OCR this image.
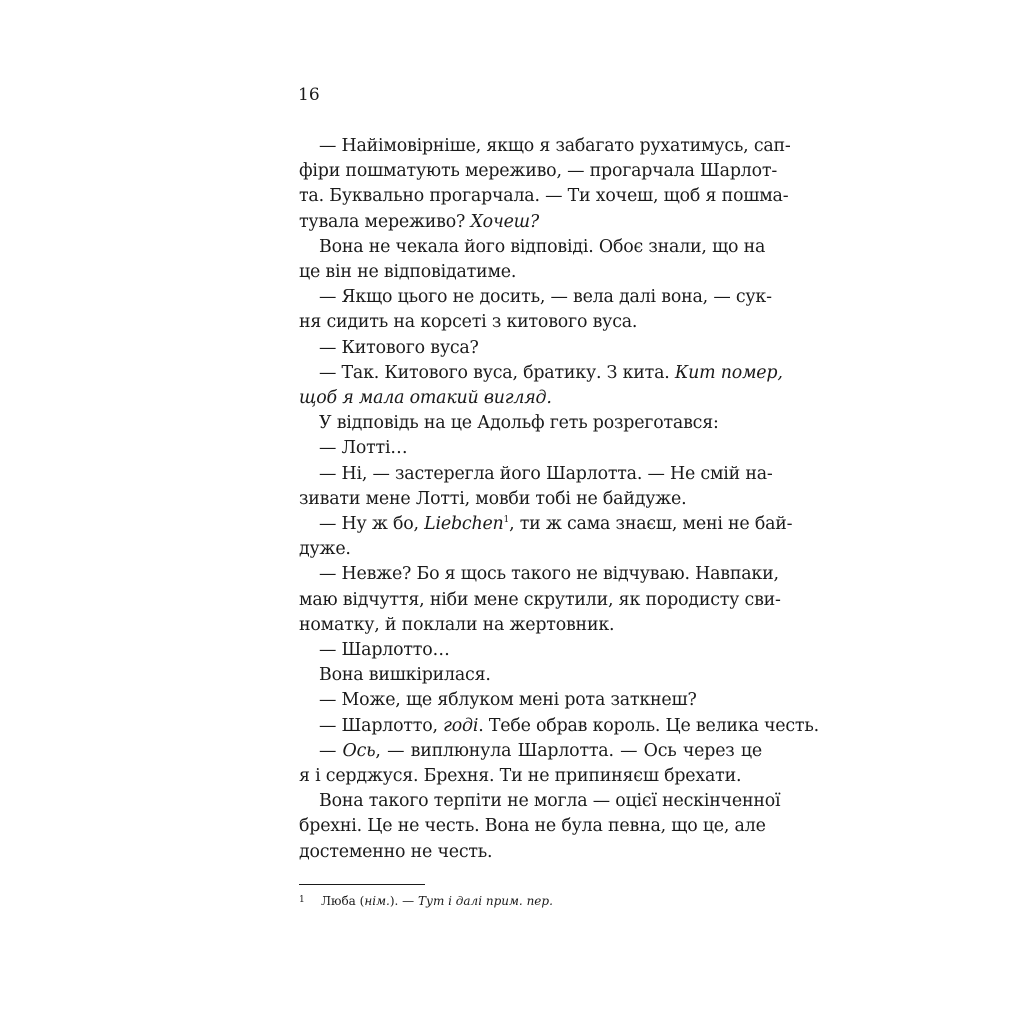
16
— Найімовірніше, якщо я забагато рухатимусь, сап-
фіри пошматують мереживо, — прогарчала Шарлот-
та. Буквально прогарчала. — Ти хочеш, щоб я пошма-
тувала мереживо? Хочеш?
Вона не чекала його відповіді. Обоє знали, що на
це він не відповідатиме.
— Якщо цього не досить, — вела далі вона, — сук-
ня сидить на корсеті з китового вуса.
— Китового вуса?
— Так. Китового вуса, братику. З кита. Кит помер,
щоб я мала отакий вигляд.
У відповідь на це Адольф геть розреготався:
— Лотті…
— Ні, — застерегла його Шарлотта. — Не смій на-
зивати мене Лотті, мовби тобі не байдуже.
— Ну ж бо, Liebchen$^1$, ти ж сама знаєш, мені не бай-
дуже.
— Невже? Бо я щось такого не відчуваю. Навпаки,
маю відчуття, ніби мене скрутили, як породисту сви-
номатку, й поклали на жертовник.
— Шарлотто…
Вона вишкірилася.
— Може, ще яблуком мені рота заткнеш?
— Шарлотто, годі. Тебе обрав король. Це велика честь.
— Ось, — виплюнула Шарлотта. — Ось через це
я і серджуся. Брехня. Ти не припиняєш брехати.
Вона такого терпіти не могла — оцієї нескінченної
брехні. Це не честь. Вона не була певна, що це, але
достеменно не честь.
1 Люба (нім.). — Тут і далі прим. пер.
